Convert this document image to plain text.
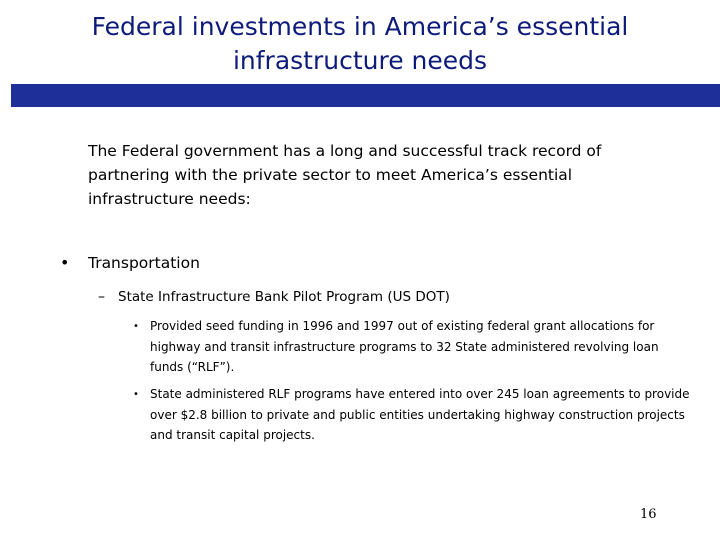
Federal investments in America’s essential infrastructure needs
The Federal government has a long and successful track record of partnering with the private sector to meet America’s essential infrastructure needs:
• Transportation
– State Infrastructure Bank Pilot Program (US DOT)
• Provided seed funding in 1996 and 1997 out of existing federal grant allocations for highway and transit infrastructure programs to 32 State administered revolving loan funds (“RLF”).
• State administered RLF programs have entered into over 245 loan agreements to provide over $2.8 billion to private and public entities undertaking highway construction projects and transit capital projects.
16
